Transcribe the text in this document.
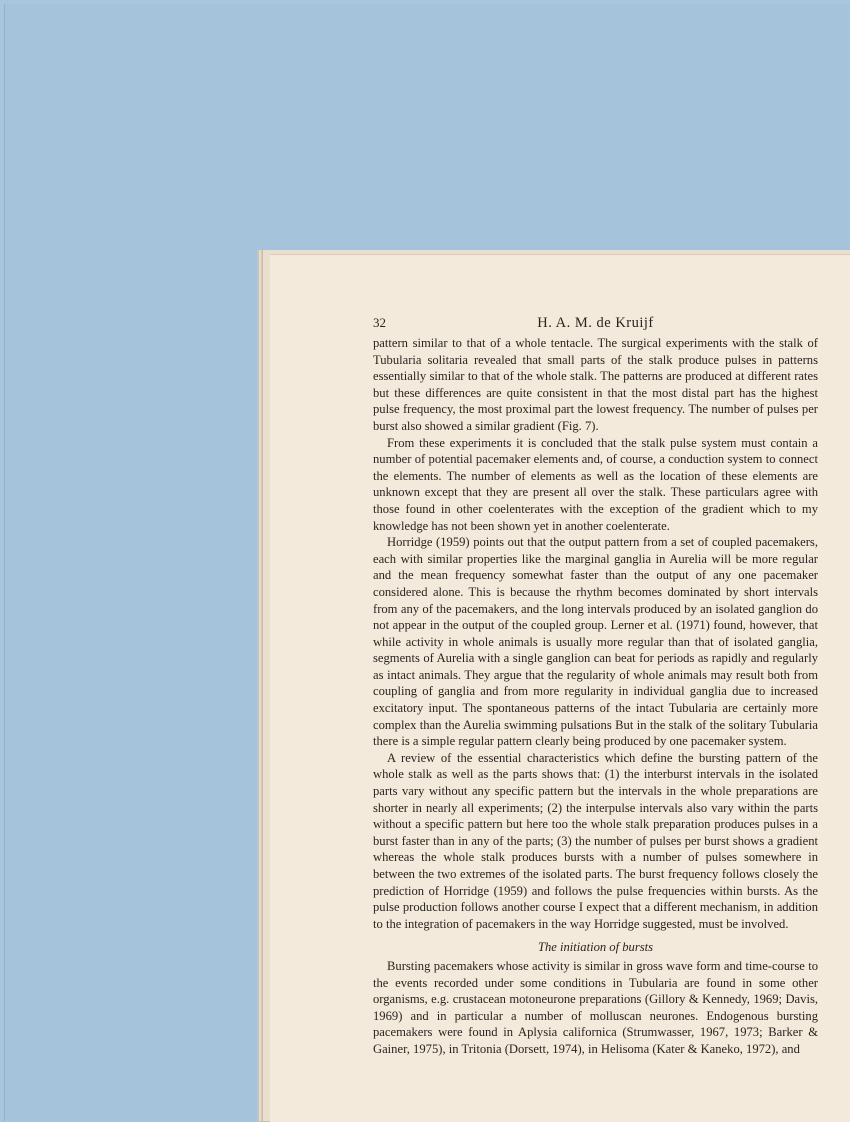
32	H. A. M. de Kruijf

pattern similar to that of a whole tentacle. The surgical experiments with the stalk of Tubularia solitaria revealed that small parts of the stalk produce pulses in patterns essentially similar to that of the whole stalk. The patterns are produced at different rates but these differences are quite consistent in that the most distal part has the highest pulse frequency, the most proximal part the lowest frequency. The number of pulses per burst also showed a similar gradient (Fig. 7).

From these experiments it is concluded that the stalk pulse system must contain a number of potential pacemaker elements and, of course, a conduction system to connect the elements. The number of elements as well as the location of these elements are unknown except that they are present all over the stalk. These particulars agree with those found in other coelenterates with the exception of the gradient which to my knowledge has not been shown yet in another coelenterate.

Horridge (1959) points out that the output pattern from a set of coupled pacemakers, each with similar properties like the marginal ganglia in Aurelia will be more regular and the mean frequency somewhat faster than the output of any one pacemaker considered alone. This is because the rhythm becomes dominated by short intervals from any of the pacemakers, and the long intervals produced by an isolated ganglion do not appear in the output of the coupled group. Lerner et al. (1971) found, however, that while activity in whole animals is usually more regular than that of isolated ganglia, segments of Aurelia with a single ganglion can beat for periods as rapidly and regularly as intact animals. They argue that the regularity of whole animals may result both from coupling of ganglia and from more regularity in individual ganglia due to increased excitatory input. The spontaneous patterns of the intact Tubularia are certainly more complex than the Aurelia swimming pulsations But in the stalk of the solitary Tubularia there is a simple regular pattern clearly being produced by one pacemaker system.

A review of the essential characteristics which define the bursting pattern of the whole stalk as well as the parts shows that: (1) the interburst intervals in the isolated parts vary without any specific pattern but the intervals in the whole preparations are shorter in nearly all experiments; (2) the interpulse intervals also vary within the parts without a specific pattern but here too the whole stalk preparation produces pulses in a burst faster than in any of the parts; (3) the number of pulses per burst shows a gradient whereas the whole stalk produces bursts with a number of pulses somewhere in between the two extremes of the isolated parts. The burst frequency follows closely the prediction of Horridge (1959) and follows the pulse frequencies within bursts. As the pulse production follows another course I expect that a different mechanism, in addition to the integration of pacemakers in the way Horridge suggested, must be involved.

The initiation of bursts

Bursting pacemakers whose activity is similar in gross wave form and time-course to the events recorded under some conditions in Tubularia are found in some other organisms, e.g. crustacean motoneurone preparations (Gillory & Kennedy, 1969; Davis, 1969) and in particular a number of molluscan neurones. Endogenous bursting pacemakers were found in Aplysia californica (Strumwasser, 1967, 1973; Barker & Gainer, 1975), in Tritonia (Dorsett, 1974), in Helisoma (Kater & Kaneko, 1972), and
